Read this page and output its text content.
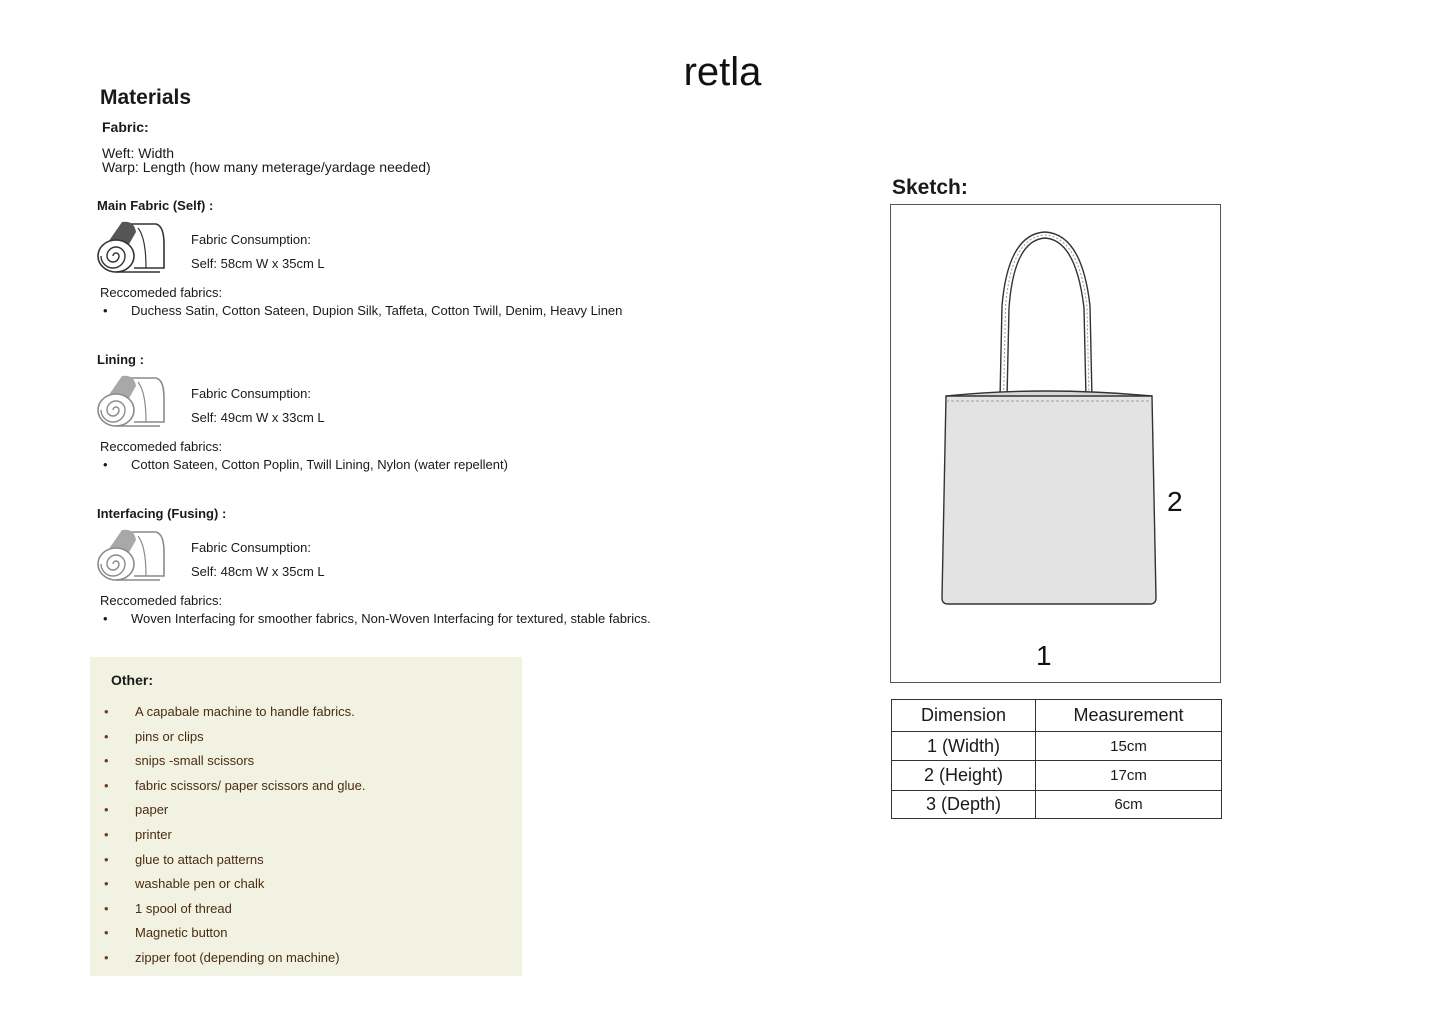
retla
Materials
Fabric:
Weft: Width
Warp: Length (how many meterage/yardage needed)
Main Fabric (Self) :
Fabric Consumption:
Self: 58cm W x 35cm L
Reccomeded fabrics:
• Duchess Satin, Cotton Sateen, Dupion Silk, Taffeta, Cotton Twill, Denim, Heavy Linen
Lining :
Fabric Consumption:
Self: 49cm W x 33cm L
Reccomeded fabrics:
• Cotton Sateen, Cotton Poplin, Twill Lining, Nylon (water repellent)
Interfacing (Fusing) :
Fabric Consumption:
Self: 48cm W x 35cm L
Reccomeded fabrics:
• Woven Interfacing for smoother fabrics, Non-Woven Interfacing for textured, stable fabrics.
Other:
• A capabale machine to handle fabrics.
• pins or clips
• snips -small scissors
• fabric scissors/ paper scissors and glue.
• paper
• printer
• glue to attach patterns
• washable pen or chalk
• 1 spool of thread
• Magnetic button
• zipper foot (depending on machine)
Sketch:
2
1
Dimension	Measurement
1 (Width)	15cm
2 (Height)	17cm
3 (Depth)	6cm
